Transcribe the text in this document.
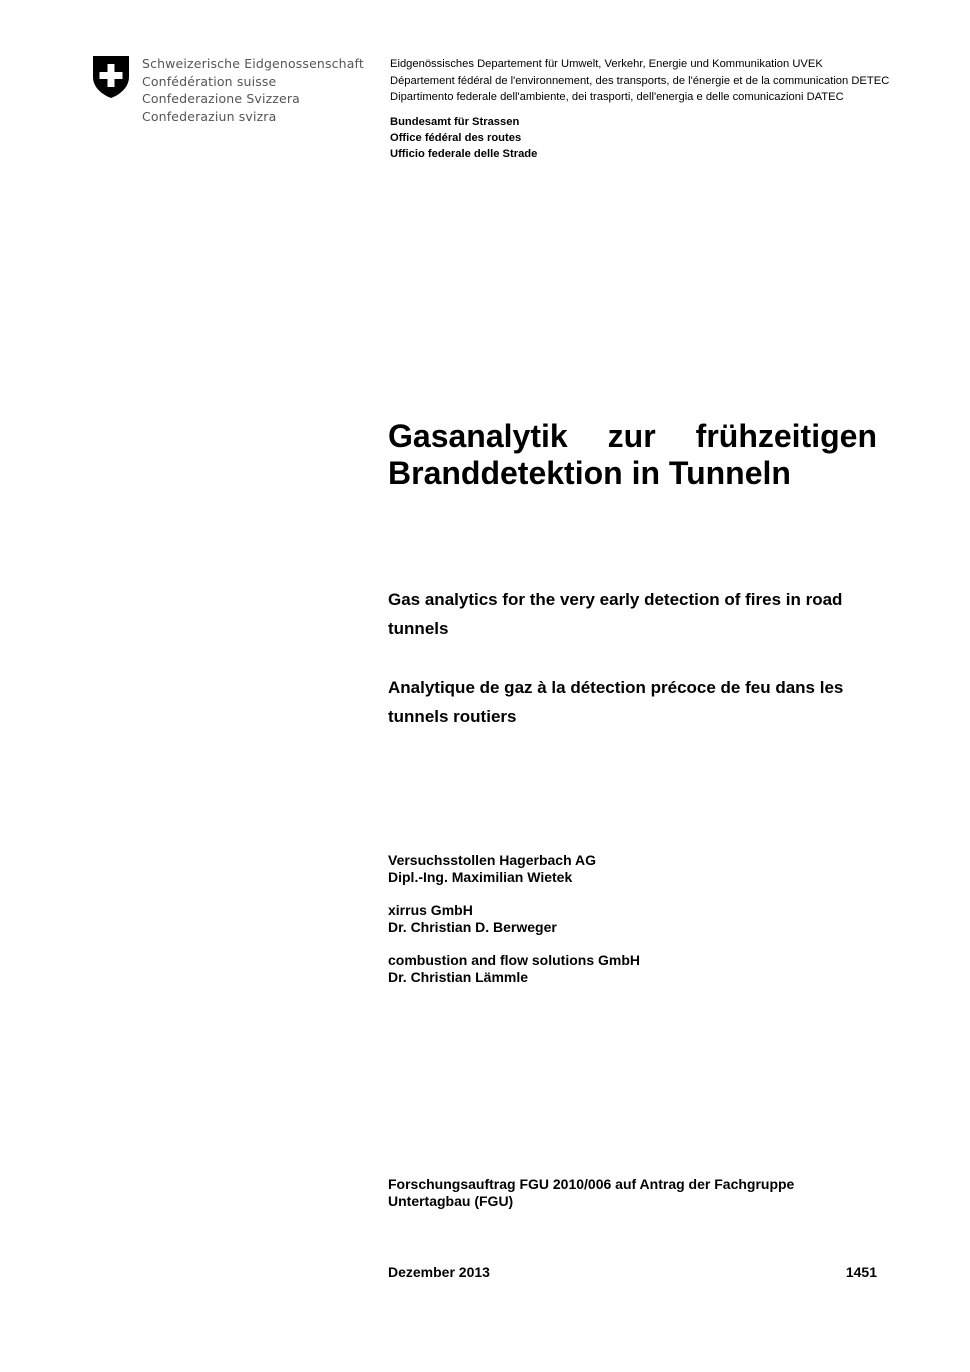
Schweizerische Eidgenossenschaft
Confédération suisse
Confederazione Svizzera
Confederaziun svizra
Eidgenössisches Departement für Umwelt, Verkehr, Energie und Kommunikation UVEK
Département fédéral de l'environnement, des transports, de l'énergie et de la communication DETEC
Dipartimento federale dell'ambiente, dei trasporti, dell'energia e delle comunicazioni DATEC
Bundesamt für Strassen
Office fédéral des routes
Ufficio federale delle Strade
Gasanalytik zur frühzeitigen
Branddetektion in Tunneln
Gas analytics for the very early detection of fires in road tunnels
Analytique de gaz à la détection précoce de feu dans les tunnels routiers
Versuchsstollen Hagerbach AG
Dipl.-Ing. Maximilian Wietek
xirrus GmbH
Dr. Christian D. Berweger
combustion and flow solutions GmbH
Dr. Christian Lämmle
Forschungsauftrag FGU 2010/006 auf Antrag der Fachgruppe Untertagbau (FGU)
Dezember 2013	1451
